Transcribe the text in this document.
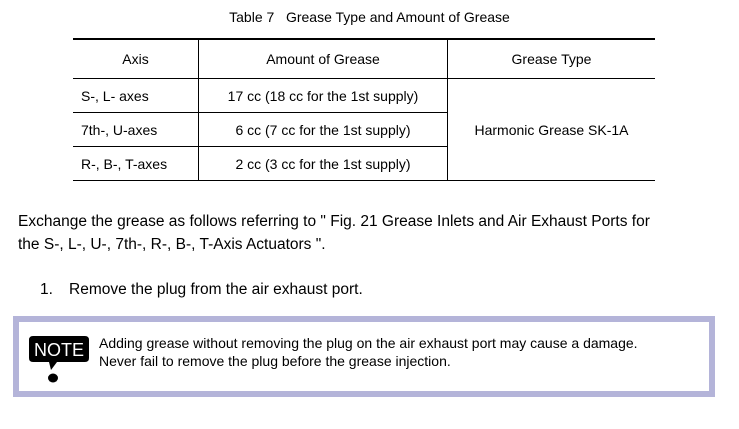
Table 7   Grease Type and Amount of Grease
Axis	Amount of Grease	Grease Type
S-, L- axes	17 cc (18 cc for the 1st supply)	Harmonic Grease SK-1A
7th-, U-axes	6 cc (7 cc for the 1st supply)	
R-, B-, T-axes	2 cc (3 cc for the 1st supply)	
Exchange the grease as follows referring to " Fig. 21 Grease Inlets and Air Exhaust Ports for
the S-, L-, U-, 7th-, R-, B-, T-Axis Actuators ".
1. Remove the plug from the air exhaust port.
NOTE Adding grease without removing the plug on the air exhaust port may cause a damage.
Never fail to remove the plug before the grease injection.
